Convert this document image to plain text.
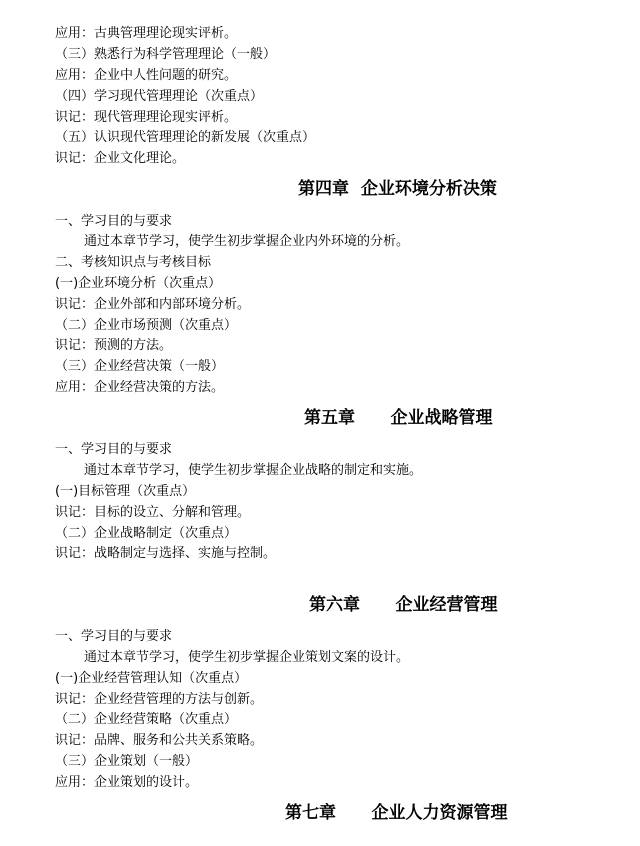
应用：古典管理理论现实评析。
（三）熟悉行为科学管理理论（一般）
应用：企业中人性问题的研究。
（四）学习现代管理理论（次重点）
识记：现代管理理论现实评析。
（五）认识现代管理理论的新发展（次重点）
识记：企业文化理论。
第四章  企业环境分析决策
一、学习目的与要求
通过本章节学习，使学生初步掌握企业内外环境的分析。
二、考核知识点与考核目标
(一)企业环境分析（次重点）
识记：企业外部和内部环境分析。
（二）企业市场预测（次重点）
识记：预测的方法。
（三）企业经营决策（一般）
应用：企业经营决策的方法。
第五章      企业战略管理
一、学习目的与要求
通过本章节学习，使学生初步掌握企业战略的制定和实施。
(一)目标管理（次重点）
识记：目标的设立、分解和管理。
（二）企业战略制定（次重点）
识记：战略制定与选择、实施与控制。
第六章      企业经营管理
一、学习目的与要求
通过本章节学习，使学生初步掌握企业策划文案的设计。
(一)企业经营管理认知（次重点）
识记：企业经营管理的方法与创新。
（二）企业经营策略（次重点）
识记：品牌、服务和公共关系策略。
（三）企业策划（一般）
应用：企业策划的设计。
第七章      企业人力资源管理
